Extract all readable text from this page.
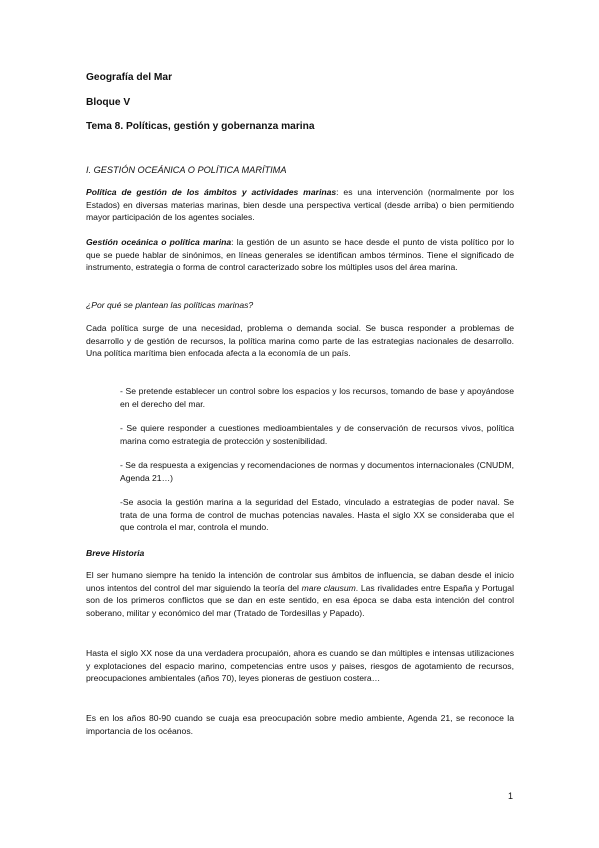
Geografía del Mar
Bloque V
Tema 8. Políticas, gestión y gobernanza marina
I. GESTIÓN OCEÁNICA O POLÍTICA MARÍTIMA

Política de gestión de los ámbitos y actividades marinas: es una intervención (normalmente por los Estados) en diversas materias marinas, bien desde una perspectiva vertical (desde arriba) o bien permitiendo mayor participación de los agentes sociales.

Gestión oceánica o política marina: la gestión de un asunto se hace desde el punto de vista político por lo que se puede hablar de sinónimos, en líneas generales se identifican ambos términos. Tiene el significado de instrumento, estrategia o forma de control caracterizado sobre los múltiples usos del área marina.

¿Por qué se plantean las políticas marinas?

Cada política surge de una necesidad, problema o demanda social. Se busca responder a problemas de desarrollo y de gestión de recursos, la política marina como parte de las estrategias nacionales de desarrollo. Una política marítima bien enfocada afecta a la economía de un país.

- Se pretende establecer un control sobre los espacios y los recursos, tomando de base y apoyándose en el derecho del mar.

- Se quiere responder a cuestiones medioambientales y de conservación de recursos vivos, política marina como estrategia de protección y sostenibilidad.

- Se da respuesta a exigencias y recomendaciones de normas y documentos internacionales (CNUDM, Agenda 21…)

-Se asocia la gestión marina a la seguridad del Estado, vinculado a estrategias de poder naval. Se trata de una forma de control de muchas potencias navales. Hasta el siglo XX se consideraba que el que controla el mar, controla el mundo.

Breve Historia

El ser humano siempre ha tenido la intención de controlar sus ámbitos de influencia, se daban desde el inicio unos intentos del control del mar siguiendo la teoría del mare clausum. Las rivalidades entre España y Portugal son de los primeros conflictos que se dan en este sentido, en esa época se daba esta intención del control soberano, militar y económico del mar (Tratado de Tordesillas y Papado).

Hasta el siglo XX nose da una verdadera procupaión, ahora es cuando se dan múltiples e intensas utilizaciones y explotaciones del espacio marino, competencias entre usos y paises, riesgos de agotamiento de recursos, preocupaciones ambientales (años 70), leyes pioneras de gestiuon costera…

Es en los años 80-90 cuando se cuaja esa preocupación sobre medio ambiente, Agenda 21, se reconoce la importancia de los océanos.

1
